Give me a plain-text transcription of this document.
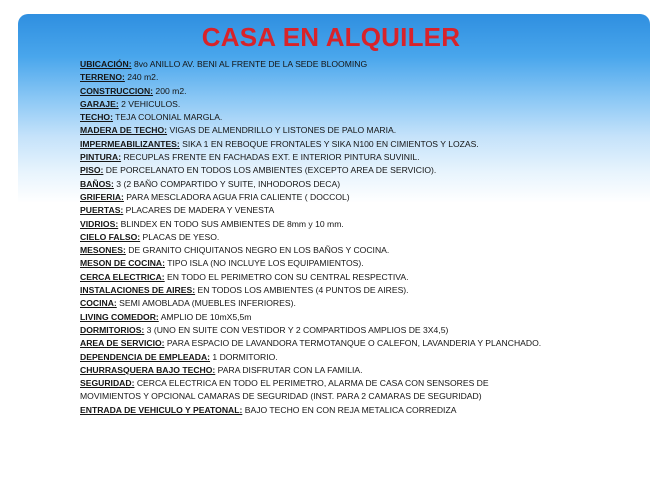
CASA EN ALQUILER
UBICACIÓN: 8vo ANILLO AV. BENI AL FRENTE DE LA SEDE BLOOMING
TERRENO: 240 m2.
CONSTRUCCION: 200 m2.
GARAJE: 2 VEHICULOS.
TECHO: TEJA COLONIAL MARGLA.
MADERA DE TECHO: VIGAS DE ALMENDRILLO Y LISTONES DE PALO MARIA.
IMPERMEABILIZANTES: SIKA 1 EN REBOQUE FRONTALES Y SIKA N100 EN CIMIENTOS Y LOZAS.
PINTURA: RECUPLAS FRENTE EN FACHADAS EXT. E INTERIOR PINTURA SUVINIL.
PISO: DE PORCELANATO EN TODOS LOS AMBIENTES (EXCEPTO AREA DE SERVICIO).
BAÑOS: 3 (2 BAÑO COMPARTIDO Y SUITE, INHODOROS DECA)
GRIFERIA: PARA MESCLADORA AGUA FRIA CALIENTE ( DOCCOL)
PUERTAS: PLACARES DE MADERA Y VENESTA
VIDRIOS: BLINDEX EN TODO SUS AMBIENTES DE 8mm y 10 mm.
CIELO FALSO: PLACAS DE YESO.
MESONES: DE GRANITO CHIQUITANOS NEGRO EN LOS BAÑOS Y COCINA.
MESON DE COCINA: TIPO ISLA (NO INCLUYE LOS EQUIPAMIENTOS).
CERCA ELECTRICA: EN TODO EL PERIMETRO CON SU CENTRAL RESPECTIVA.
INSTALACIONES DE AIRES: EN TODOS LOS AMBIENTES (4 PUNTOS DE AIRES).
COCINA: SEMI AMOBLADA (MUEBLES INFERIORES).
LIVING COMEDOR: AMPLIO DE 10mX5,5m
DORMITORIOS: 3 (UNO EN SUITE CON VESTIDOR Y 2 COMPARTIDOS AMPLIOS DE 3X4,5)
AREA DE SERVICIO: PARA ESPACIO DE LAVANDORA TERMOTANQUE O CALEFON, LAVANDERIA Y PLANCHADO.
DEPENDENCIA DE EMPLEADA: 1 DORMITORIO.
CHURRASQUERA BAJO TECHO: PARA DISFRUTAR CON LA FAMILIA.
SEGURIDAD: CERCA ELECTRICA EN TODO EL PERIMETRO, ALARMA DE CASA CON SENSORES DE MOVIMIENTOS Y OPCIONAL CAMARAS DE SEGURIDAD (INST. PARA 2 CAMARAS DE SEGURIDAD)
ENTRADA DE VEHICULO Y PEATONAL: BAJO TECHO EN CON REJA METALICA CORREDIZA
